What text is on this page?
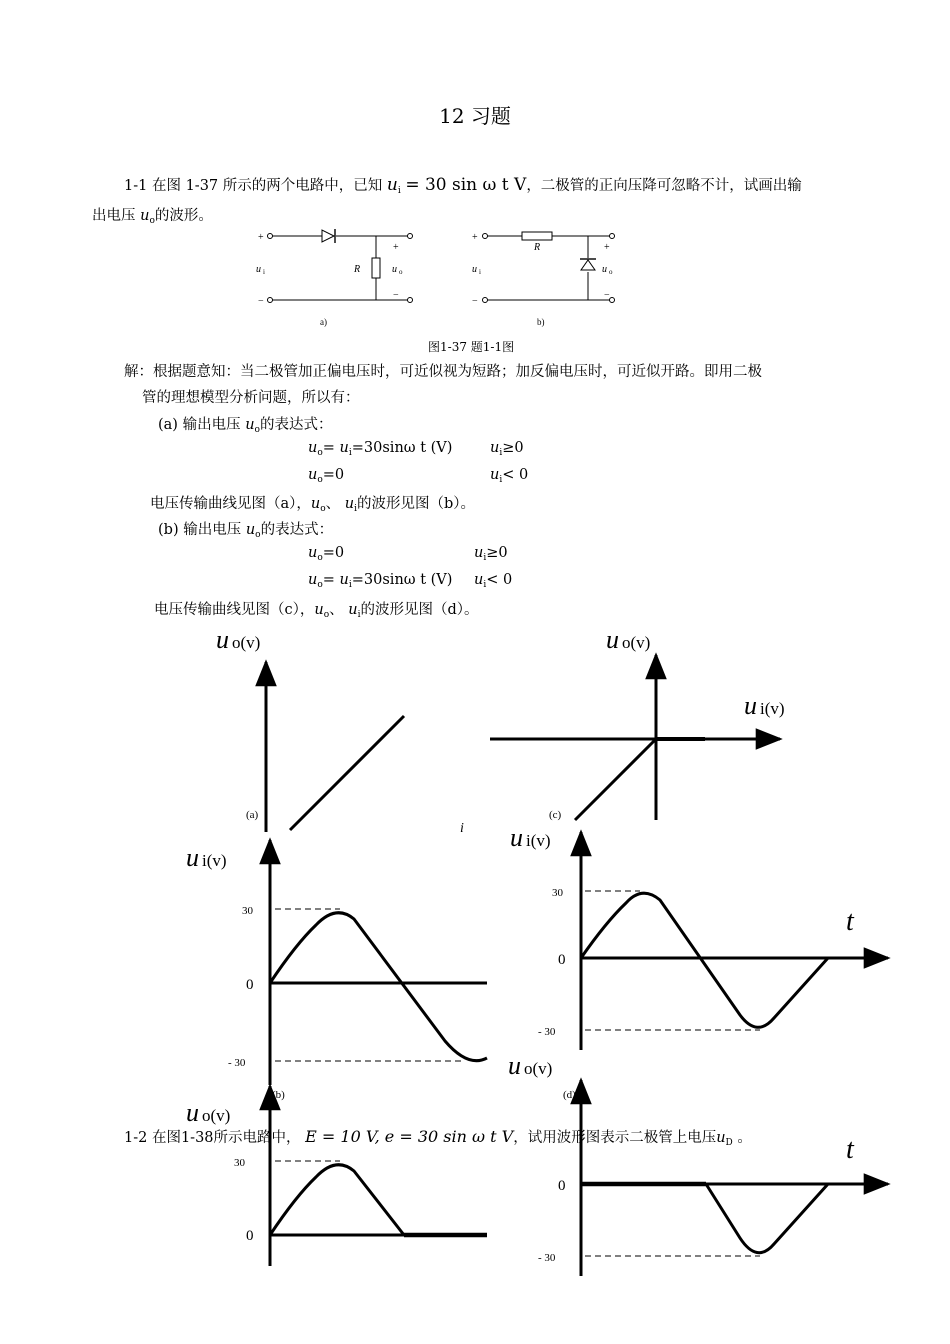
12 习题
1-1 在图 1-37 所示的两个电路中，已知 $u_i = 30$ sin ω t V，二极管的正向压降可忽略不计，试画出输
出电压 $u_o$的波形。
+
−
+
−
R
u i	u o
a)
+
−
+
−
R
u i	u o
b)
图1-37 题1-1图
解：根据题意知：当二极管加正偏电压时，可近似视为短路；加反偏电压时，可近似开路。即用二极
管的理想模型分析问题，所以有：
(a) 输出电压 $u_o$的表达式：
$u_o= u_i=30\sin\omega$ t (V)	$u_i\ge 0$
$u_o=0$	$u_i< 0$
电压传输曲线见图（a），$u_o$、 $u_i$的波形见图（b）。
(b) 输出电压 $u_o$的表达式：
$u_o=0$	$u_i\ge 0$
$u_o= u_i=30\sin\omega$ t (V) $u_i< 0$
电压传输曲线见图（c），$u_o$、 $u_i$的波形见图（d）。
u o(v)
(a)
i
u o(v)
u i(v)
(c)
u i(v)
30
0
- 30
(b)
u o(v)
30
0
u i(v)
30
0
- 30
t
(d)
u o(v)
0
- 30
t
1-2 在图1-38所示电路中， E = 10 V, e = 30 sin ω t V，试用波形图表示二极管上电压$u_D$ 。
